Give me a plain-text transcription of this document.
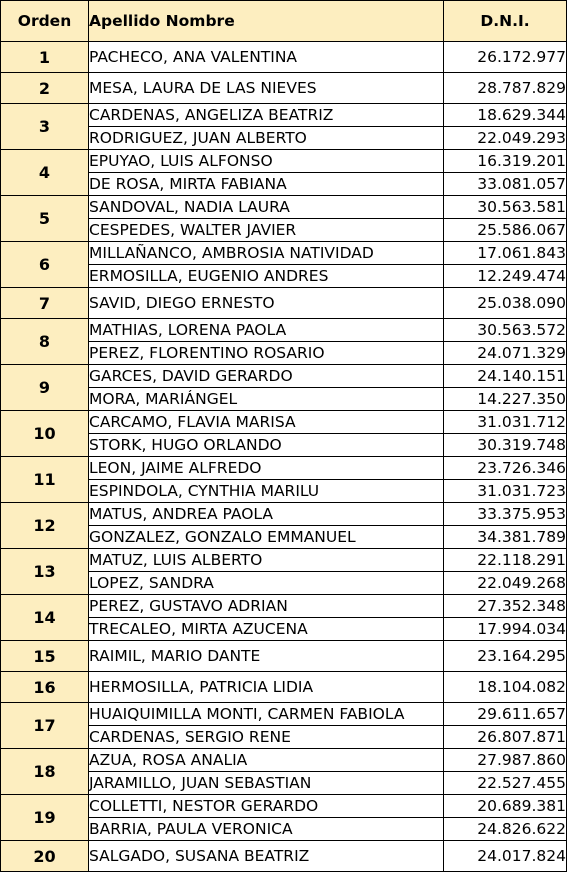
Orden	Apellido Nombre	D.N.I.
1	PACHECO, ANA VALENTINA	26.172.977
2	MESA, LAURA DE LAS NIEVES	28.787.829
3	CARDENAS, ANGELIZA BEATRIZ	18.629.344
	RODRIGUEZ, JUAN ALBERTO	22.049.293
4	EPUYAO, LUIS ALFONSO	16.319.201
	DE ROSA, MIRTA FABIANA	33.081.057
5	SANDOVAL, NADIA LAURA	30.563.581
	CESPEDES, WALTER JAVIER	25.586.067
6	MILLAÑANCO, AMBROSIA NATIVIDAD	17.061.843
	ERMOSILLA, EUGENIO ANDRES	12.249.474
7	SAVID, DIEGO ERNESTO	25.038.090
8	MATHIAS, LORENA PAOLA	30.563.572
	PEREZ, FLORENTINO ROSARIO	24.071.329
9	GARCES, DAVID GERARDO	24.140.151
	MORA, MARIÁNGEL	14.227.350
10	CARCAMO, FLAVIA MARISA	31.031.712
	STORK, HUGO ORLANDO	30.319.748
11	LEON, JAIME ALFREDO	23.726.346
	ESPINDOLA, CYNTHIA MARILU	31.031.723
12	MATUS, ANDREA PAOLA	33.375.953
	GONZALEZ, GONZALO EMMANUEL	34.381.789
13	MATUZ, LUIS ALBERTO	22.118.291
	LOPEZ, SANDRA	22.049.268
14	PEREZ, GUSTAVO ADRIAN	27.352.348
	TRECALEO, MIRTA AZUCENA	17.994.034
15	RAIMIL, MARIO DANTE	23.164.295
16	HERMOSILLA, PATRICIA LIDIA	18.104.082
17	HUAIQUIMILLA MONTI, CARMEN FABIOLA	29.611.657
	CARDENAS, SERGIO RENE	26.807.871
18	AZUA, ROSA ANALIA	27.987.860
	JARAMILLO, JUAN SEBASTIAN	22.527.455
19	COLLETTI, NESTOR GERARDO	20.689.381
	BARRIA, PAULA VERONICA	24.826.622
20	SALGADO, SUSANA BEATRIZ	24.017.824
